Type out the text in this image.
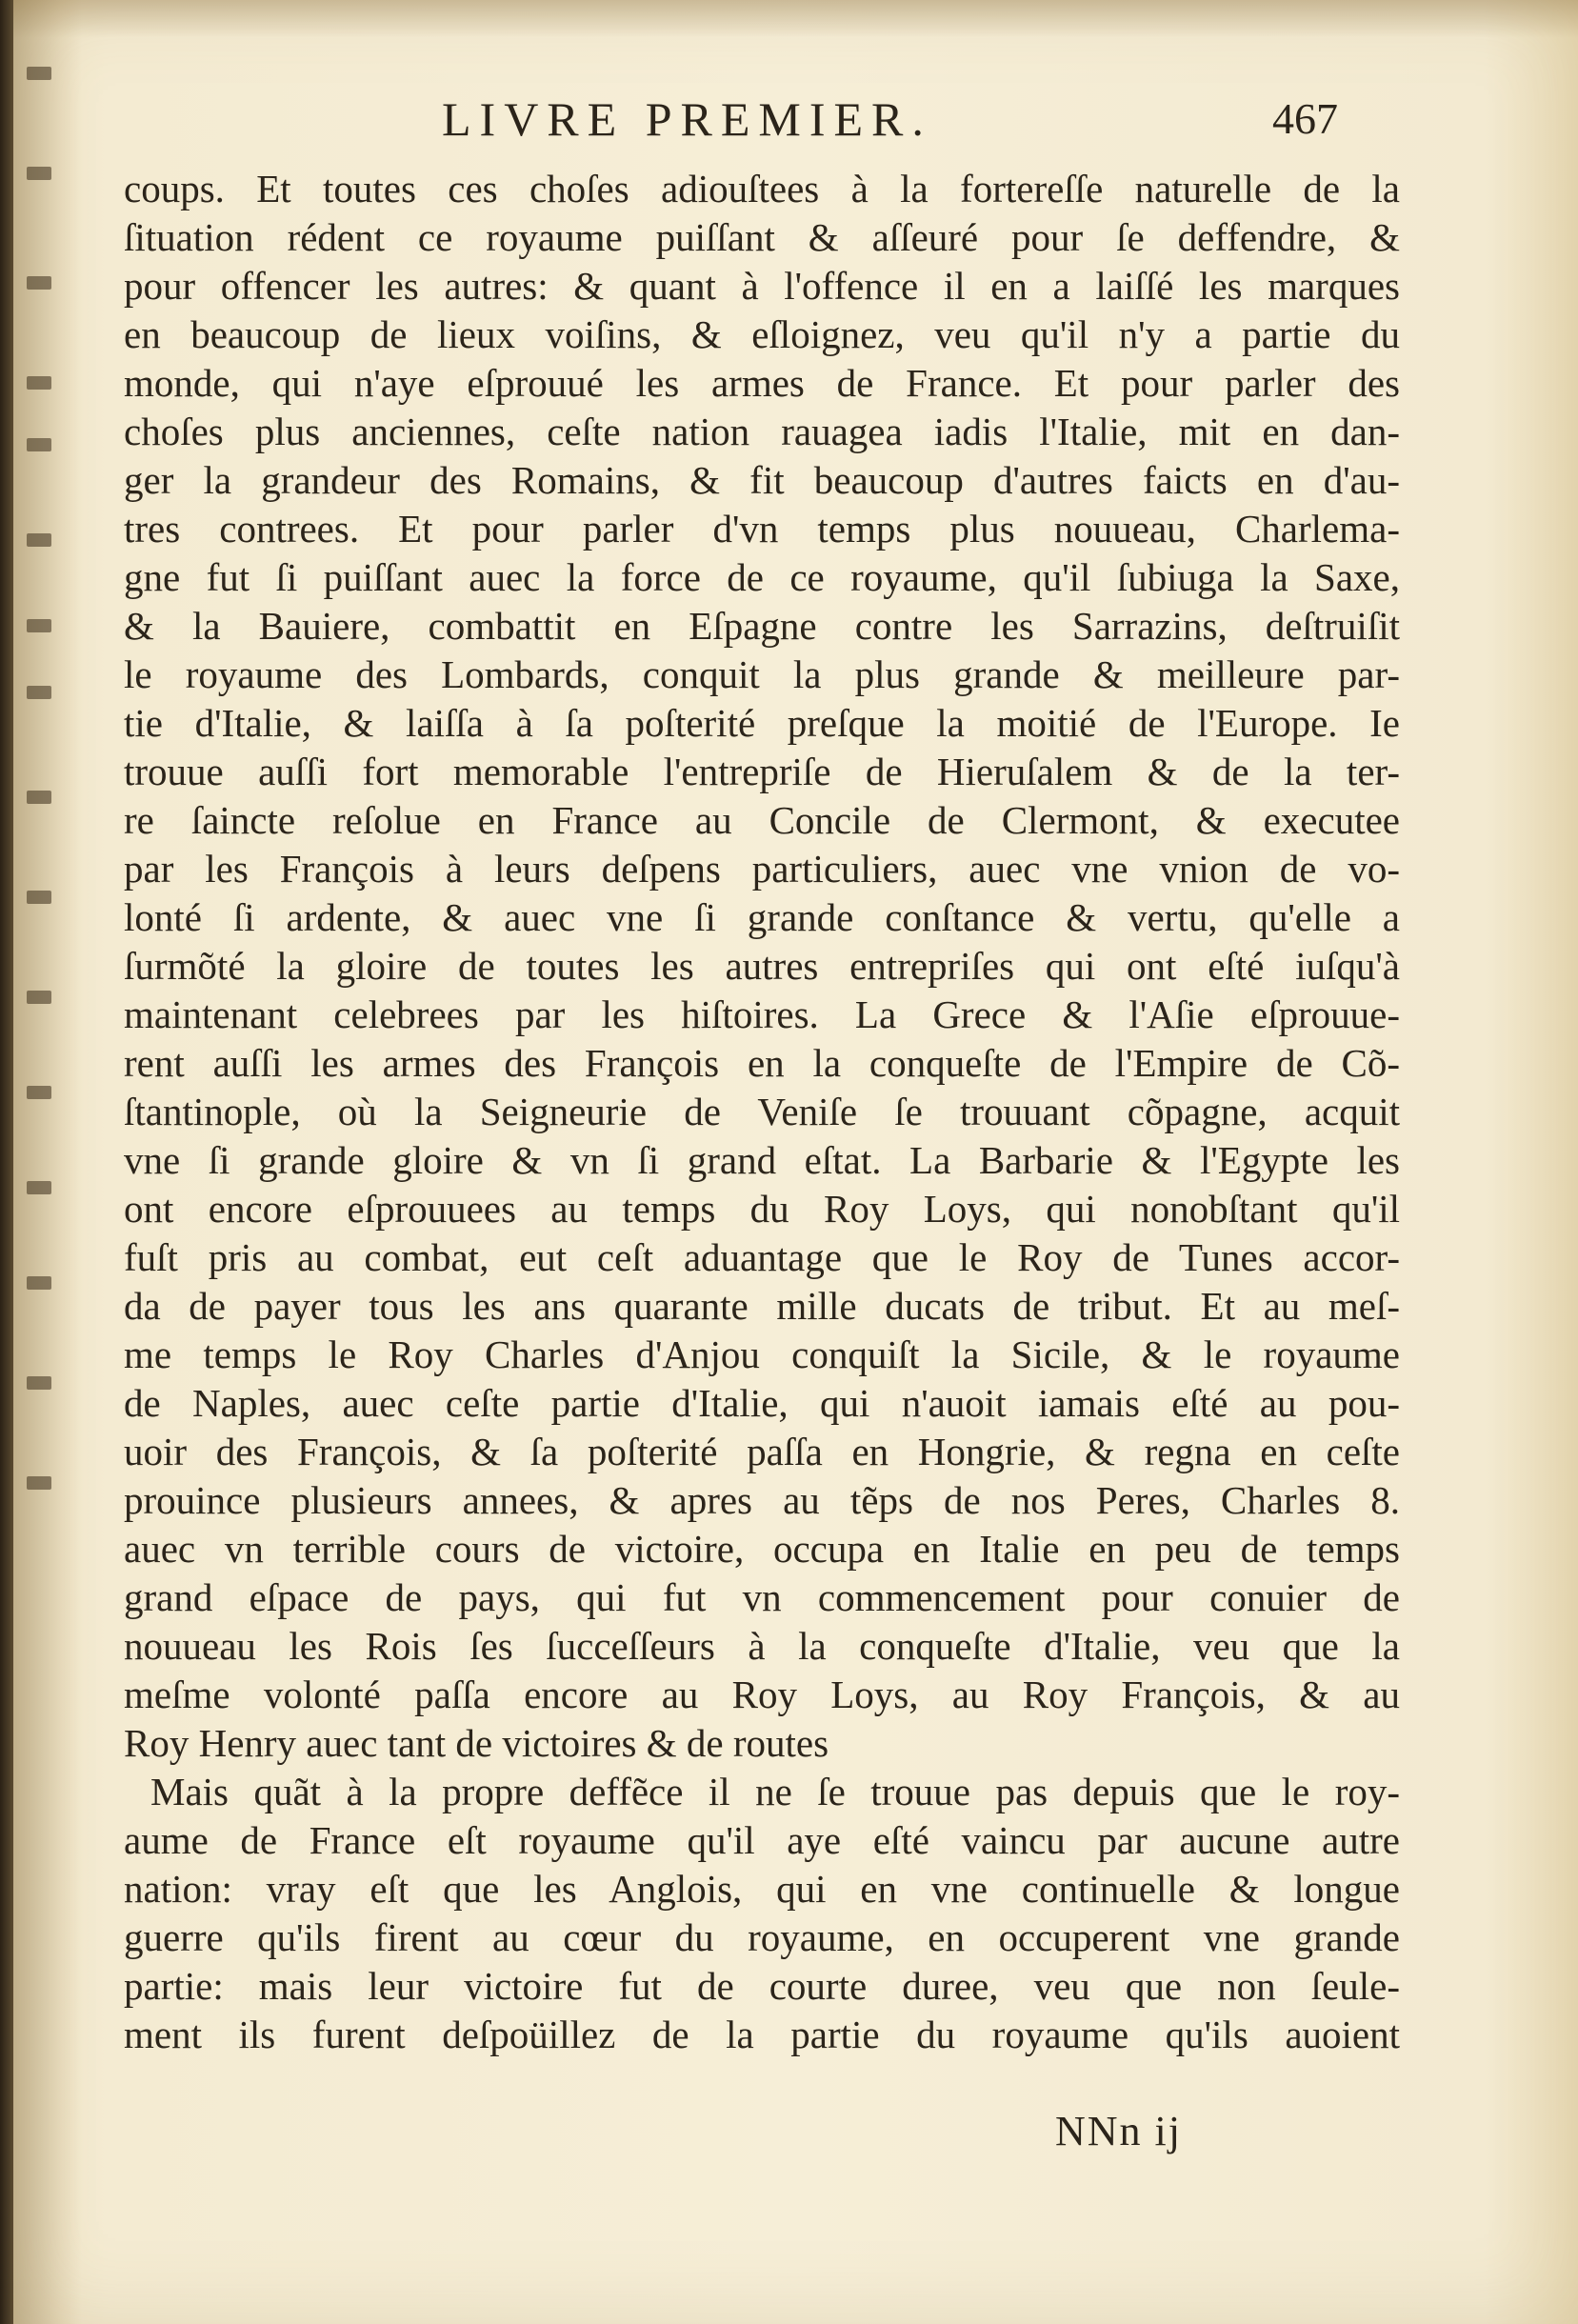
LIVRE PREMIER.	467
coups. Et toutes ces choſes adiouſtees à la forterеſſe naturelle de la
ſituation rédent ce royaume puiſſant & aſſeuré pour ſe deffendre, &
pour offencer les autres: & quant à l'offence il en a laiſſé les marques
en beaucoup de lieux voiſins, & eſloignez, veu qu'il n'y a partie du
monde, qui n'aye eſprouué les armes de France. Et pour parler des
choſes plus anciennes, ceſte nation rauagea iadis l'Italie, mit en dan-
ger la grandeur des Romains, & fit beaucoup d'autres faicts en d'au-
tres contrees. Et pour parler d'vn temps plus nouueau, Charlema-
gne fut ſi puiſſant auec la force de ce royaume, qu'il ſubiuga la Saxe,
& la Bauiere, combattit en Eſpagne contre les Sarrazins, deſtruiſit
le royaume des Lombards, conquit la plus grande & meilleure par-
tie d'Italie, & laiſſa à ſa poſterité preſque la moitié de l'Europe. Ie
trouue auſſi fort memorable l'entrepriſe de Hieruſalem & de la ter-
re ſaincte reſolue en France au Concile de Clermont, & executee
par les François à leurs deſpens particuliers, auec vne vnion de vo-
lonté ſi ardente, & auec vne ſi grande conſtance & vertu, qu'elle a
ſurmõté la gloire de toutes les autres entrepriſes qui ont eſté iuſqu'à
maintenant celebrees par les hiſtoires. La Grece & l'Aſie eſprouue-
rent auſſi les armes des François en la conqueſte de l'Empire de Cõ-
ſtantinople, où la Seigneurie de Veniſe ſe trouuant cõpagne, acquit
vne ſi grande gloire & vn ſi grand eſtat. La Barbarie & l'Egypte les
ont encore eſprouuees au temps du Roy Loys, qui nonobſtant qu'il
fuſt pris au combat, eut ceſt aduantage que le Roy de Tunes accor-
da de payer tous les ans quarante mille ducats de tribut. Et au meſ-
me temps le Roy Charles d'Anjou conquiſt la Sicile, & le royaume
de Naples, auec ceſte partie d'Italie, qui n'auoit iamais eſté au pou-
uoir des François, & ſa poſterité paſſa en Hongrie, & regna en ceſte
prouince plusieurs annees, & apres au tẽps de nos Peres, Charles 8.
auec vn terrible cours de victoire, occupa en Italie en peu de temps
grand eſpace de pays, qui fut vn commencement pour conuier de
nouueau les Rois ſes ſucceſſeurs à la conqueſte d'Italie, veu que la
meſme volonté paſſa encore au Roy Loys, au Roy François, & au
Roy Henry auec tant de victoires & de routes
Mais quãt à la propre deffẽce il ne ſe trouue pas depuis que le roy-
aume de France eſt royaume qu'il aye eſté vaincu par aucune autre
nation: vray eſt que les Anglois, qui en vne continuelle & longue
guerre qu'ils firent au cœur du royaume, en occuperent vne grande
partie: mais leur victoire fut de courte duree, veu que non ſeule-
ment ils furent deſpoüillez de la partie du royaume qu'ils auoient
NNn ij
